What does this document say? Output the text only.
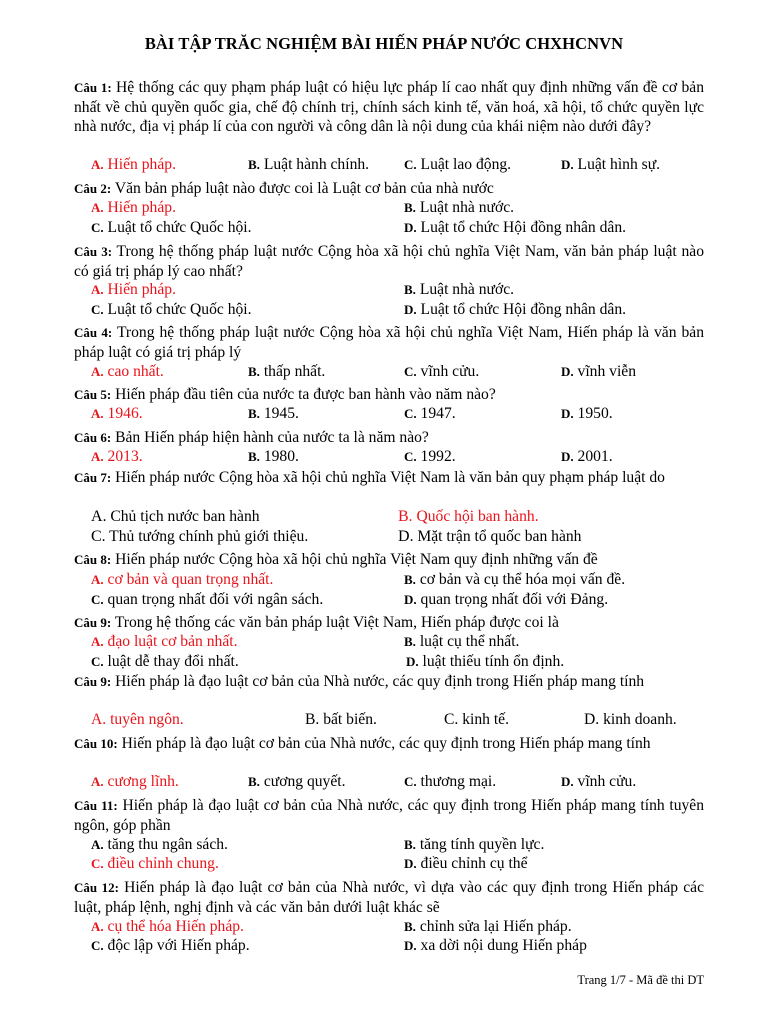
BÀI TẬP TRĂC NGHIỆM BÀI HIẾN PHÁP NƯỚC CHXHCNVN
Câu 1: Hệ thống các quy phạm pháp luật có hiệu lực pháp lí cao nhất quy định những vấn đề cơ bản nhất về chủ quyền quốc gia, chế độ chính trị, chính sách kinh tế, văn hoá, xã hội, tổ chức quyền lực nhà nước, địa vị pháp lí của con người và công dân là nội dung của khái niệm nào dưới đây?
A. Hiến pháp.	B. Luật hành chính.	C. Luật lao động.	D. Luật hình sự.
Câu 2: Văn bản pháp luật nào được coi là Luật cơ bản của nhà nước
A. Hiến pháp.	B. Luật nhà nước.
C. Luật tổ chức Quốc hội.	D. Luật tổ chức Hội đồng nhân dân.
Câu 3: Trong hệ thống pháp luật nước Cộng hòa xã hội chủ nghĩa Việt Nam, văn bản pháp luật nào có giá trị pháp lý cao nhất?
A. Hiến pháp.	B. Luật nhà nước.
C. Luật tổ chức Quốc hội.	D. Luật tổ chức Hội đồng nhân dân.
Câu 4: Trong hệ thống pháp luật nước Cộng hòa xã hội chủ nghĩa Việt Nam, Hiến pháp là văn bản pháp luật có giá trị pháp lý
A. cao nhất.	B. thấp nhất.	C. vĩnh cửu.	D. vĩnh viễn
Câu 5: Hiến pháp đầu tiên của nước ta được ban hành vào năm nào?
A. 1946.	B. 1945.	C. 1947.	D. 1950.
Câu 6: Bản Hiến pháp hiện hành của nước ta là năm nào?
A. 2013.	B. 1980.	C. 1992.	D. 2001.
Câu 7: Hiến pháp nước Cộng hòa xã hội chủ nghĩa Việt Nam là văn bản quy phạm pháp luật do
A. Chủ tịch nước ban hành	B. Quốc hội ban hành.
C. Thủ tướng chính phủ giới thiệu.	D. Mặt trận tổ quốc ban hành
Câu 8: Hiến pháp nước Cộng hòa xã hội chủ nghĩa Việt Nam quy định những vấn đề
A. cơ bản và quan trọng nhất.	B. cơ bản và cụ thể hóa mọi vấn đề.
C. quan trọng nhất đối với ngân sách.	D. quan trọng nhất đối với Đảng.
Câu 9: Trong hệ thống các văn bản pháp luật Việt Nam, Hiến pháp được coi là
A. đạo luật cơ bản nhất.	B. luật cụ thể nhất.
C. luật dễ thay đổi nhất.	D. luật thiếu tính ổn định.
Câu 9: Hiến pháp là đạo luật cơ bản của Nhà nước, các quy định trong Hiến pháp mang tính
A. tuyên ngôn.	B. bất biến.	C. kinh tế.	D. kinh doanh.
Câu 10: Hiến pháp là đạo luật cơ bản của Nhà nước, các quy định trong Hiến pháp mang tính
A. cương lĩnh.	B. cương quyết.	C. thương mại.	D. vĩnh cửu.
Câu 11: Hiến pháp là đạo luật cơ bản của Nhà nước, các quy định trong Hiến pháp mang tính tuyên ngôn, góp phần
A. tăng thu ngân sách.	B. tăng tính quyền lực.
C. điều chỉnh chung.	D. điều chỉnh cụ thể
Câu 12: Hiến pháp là đạo luật cơ bản của Nhà nước, vì dựa vào các quy định trong Hiến pháp các luật, pháp lệnh, nghị định và các văn bản dưới luật khác sẽ
A. cụ thể hóa Hiến pháp.	B. chỉnh sửa lại Hiến pháp.
C. độc lập với Hiến pháp.	D. xa dời nội dung Hiến pháp
Trang 1/7 - Mã đề thi DT
